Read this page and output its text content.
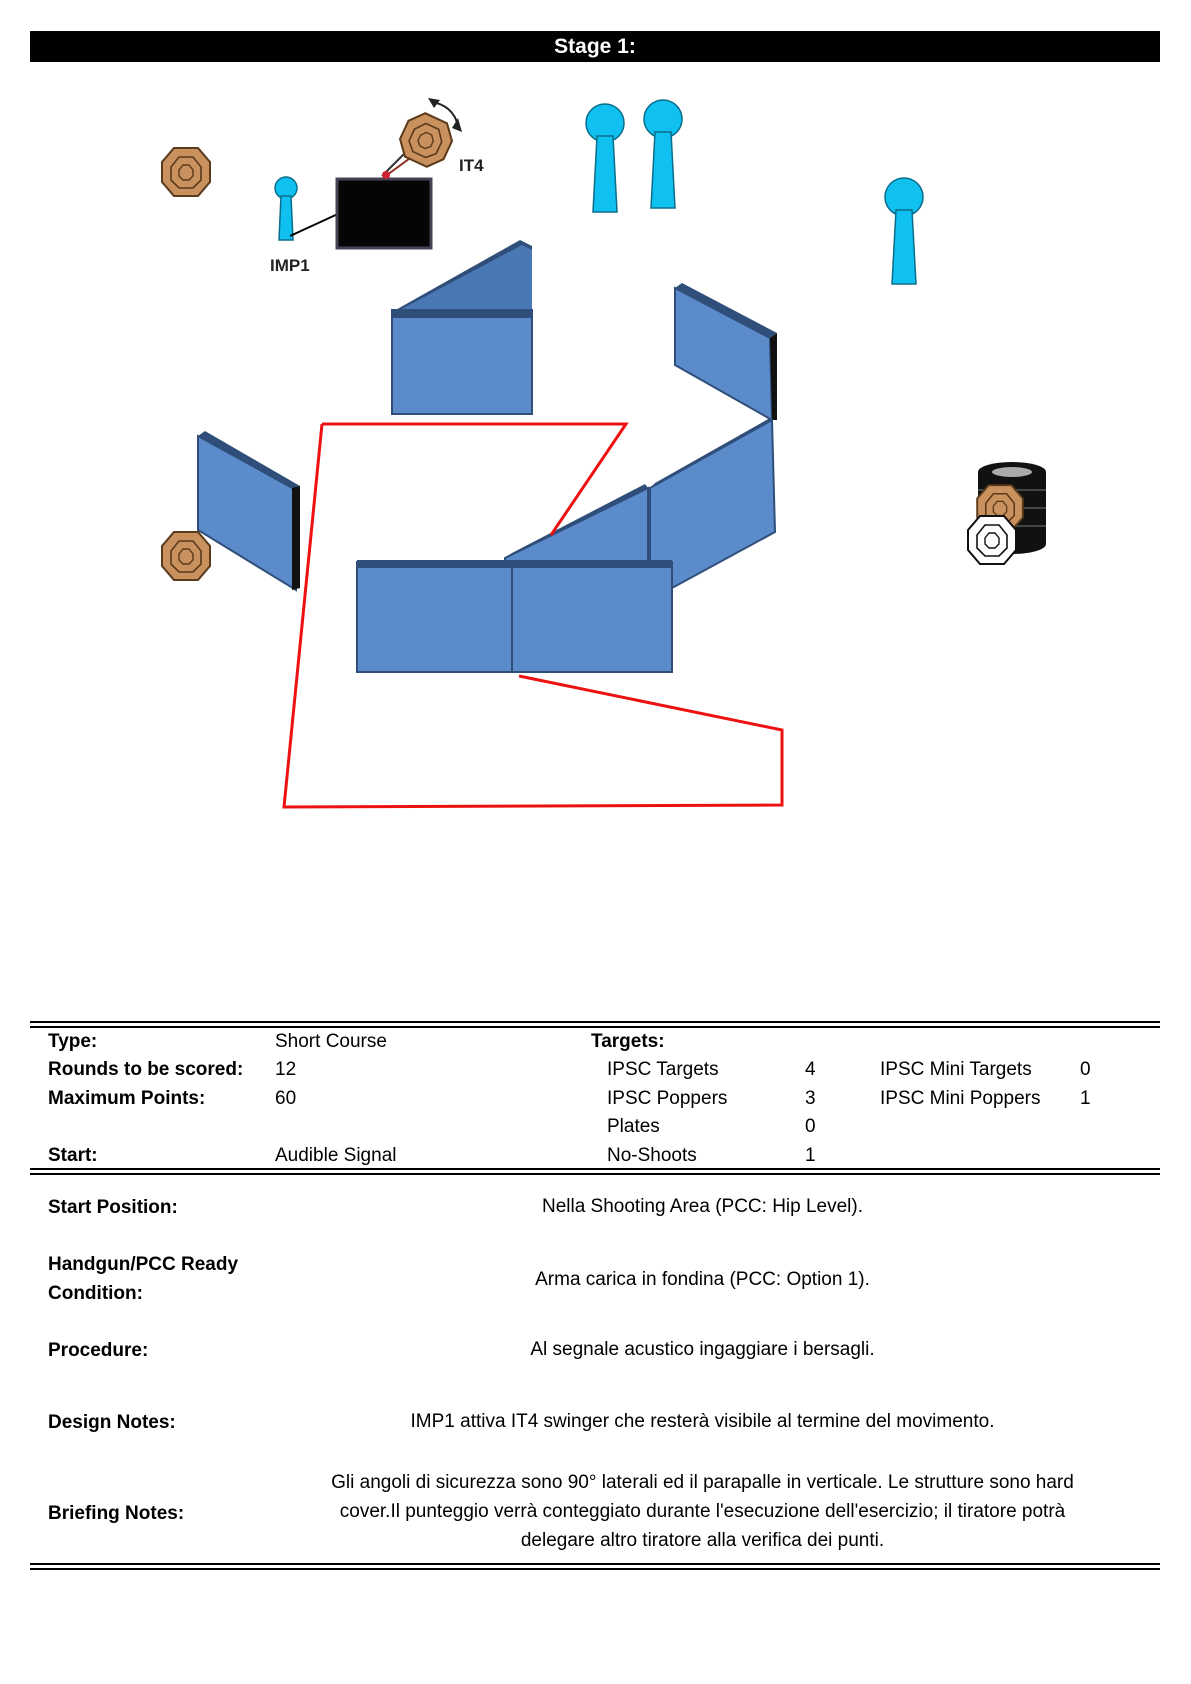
Stage 1:
IMP1
IT4
Type:	Short Course	Targets:
Rounds to be scored: 12
Maximum Points:	60
Start:	Audible Signal
IPSC Targets	4
IPSC Poppers	3
Plates	0
No-Shoots	1
IPSC Mini Targets	0
IPSC Mini Poppers 1
Start Position:	Nella Shooting Area (PCC: Hip Level).
Handgun/PCC Ready
Condition:
Arma carica in fondina (PCC: Option 1).
Procedure:	Al segnale acustico ingaggiare i bersagli.
Design Notes:	IMP1 attiva IT4 swinger che resterà visibile al termine del movimento.
Briefing Notes:
Gli angoli di sicurezza sono 90° laterali ed il parapalle in verticale. Le strutture sono hard
cover.Il punteggio verrà conteggiato durante l'esecuzione dell'esercizio; il tiratore potrà
delegare altro tiratore alla verifica dei punti.
